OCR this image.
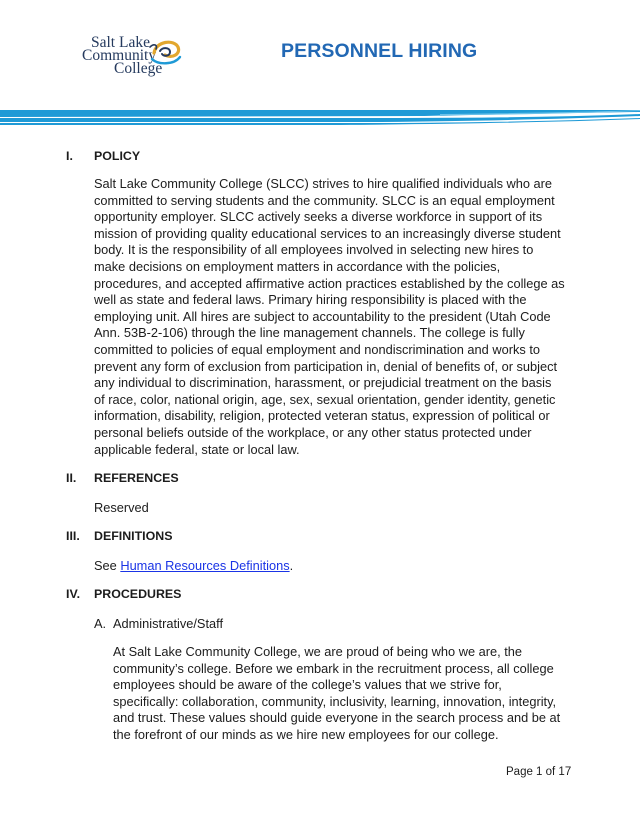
Salt Lake
Community
College
PERSONNEL HIRING
I. POLICY
Salt Lake Community College (SLCC) strives to hire qualified individuals who are
committed to serving students and the community. SLCC is an equal employment
opportunity employer. SLCC actively seeks a diverse workforce in support of its
mission of providing quality educational services to an increasingly diverse student
body. It is the responsibility of all employees involved in selecting new hires to
make decisions on employment matters in accordance with the policies,
procedures, and accepted affirmative action practices established by the college as
well as state and federal laws. Primary hiring responsibility is placed with the
employing unit. All hires are subject to accountability to the president (Utah Code
Ann. 53B-2-106) through the line management channels. The college is fully
committed to policies of equal employment and nondiscrimination and works to
prevent any form of exclusion from participation in, denial of benefits of, or subject
any individual to discrimination, harassment, or prejudicial treatment on the basis
of race, color, national origin, age, sex, sexual orientation, gender identity, genetic
information, disability, religion, protected veteran status, expression of political or
personal beliefs outside of the workplace, or any other status protected under
applicable federal, state or local law.
II. REFERENCES
Reserved
III. DEFINITIONS
See Human Resources Definitions.
IV. PROCEDURES
A. Administrative/Staff
At Salt Lake Community College, we are proud of being who we are, the
community’s college. Before we embark in the recruitment process, all college
employees should be aware of the college’s values that we strive for,
specifically: collaboration, community, inclusivity, learning, innovation, integrity,
and trust. These values should guide everyone in the search process and be at
the forefront of our minds as we hire new employees for our college.
Page 1 of 17
